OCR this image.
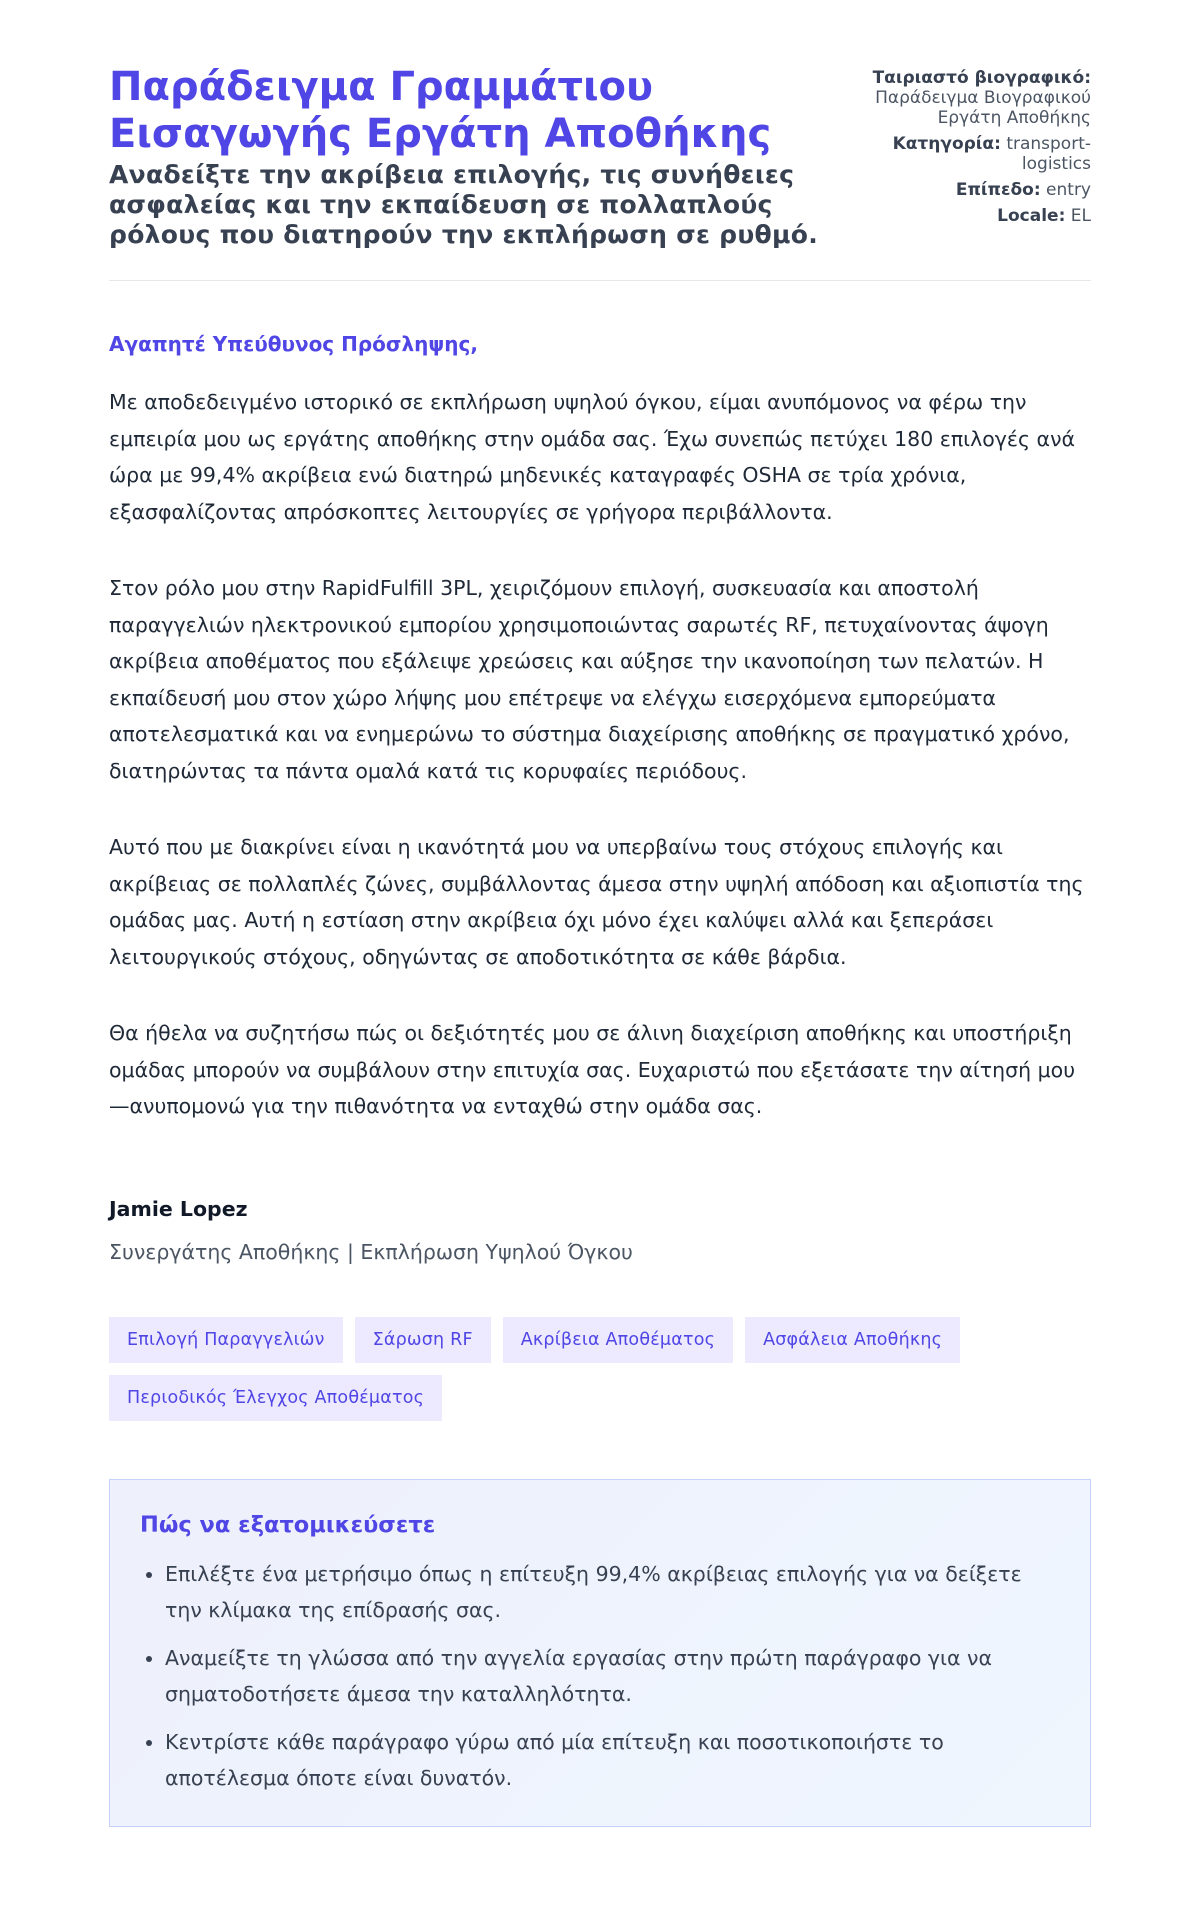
Παράδειγμα Γραμμάτιου Εισαγωγής Εργάτη Αποθήκης

Αναδείξτε την ακρίβεια επιλογής, τις συνήθειες ασφαλείας και την εκπαίδευση σε πολλαπλούς ρόλους που διατηρούν την εκπλήρωση σε ρυθμό.

Ταιριαστό βιογραφικό: Παράδειγμα Βιογραφικού Εργάτη Αποθήκης
Κατηγορία: transport-logistics
Επίπεδο: entry
Locale: EL

Αγαπητέ Υπεύθυνος Πρόσληψης,

Με αποδεδειγμένο ιστορικό σε εκπλήρωση υψηλού όγκου, είμαι ανυπόμονος να φέρω την εμπειρία μου ως εργάτης αποθήκης στην ομάδα σας. Έχω συνεπώς πετύχει 180 επιλογές ανά ώρα με 99,4% ακρίβεια ενώ διατηρώ μηδενικές καταγραφές OSHA σε τρία χρόνια, εξασφαλίζοντας απρόσκοπτες λειτουργίες σε γρήγορα περιβάλλοντα.

Στον ρόλο μου στην RapidFulfill 3PL, χειριζόμουν επιλογή, συσκευασία και αποστολή παραγγελιών ηλεκτρονικού εμπορίου χρησιμοποιώντας σαρωτές RF, πετυχαίνοντας άψογη ακρίβεια αποθέματος που εξάλειψε χρεώσεις και αύξησε την ικανοποίηση των πελατών. Η εκπαίδευσή μου στον χώρο λήψης μου επέτρεψε να ελέγχω εισερχόμενα εμπορεύματα αποτελεσματικά και να ενημερώνω το σύστημα διαχείρισης αποθήκης σε πραγματικό χρόνο, διατηρώντας τα πάντα ομαλά κατά τις κορυφαίες περιόδους.

Αυτό που με διακρίνει είναι η ικανότητά μου να υπερβαίνω τους στόχους επιλογής και ακρίβειας σε πολλαπλές ζώνες, συμβάλλοντας άμεσα στην υψηλή απόδοση και αξιοπιστία της ομάδας μας. Αυτή η εστίαση στην ακρίβεια όχι μόνο έχει καλύψει αλλά και ξεπεράσει λειτουργικούς στόχους, οδηγώντας σε αποδοτικότητα σε κάθε βάρδια.

Θα ήθελα να συζητήσω πώς οι δεξιότητές μου σε άλινη διαχείριση αποθήκης και υποστήριξη ομάδας μπορούν να συμβάλουν στην επιτυχία σας. Ευχαριστώ που εξετάσατε την αίτησή μου—ανυπομονώ για την πιθανότητα να ενταχθώ στην ομάδα σας.

Jamie Lopez

Συνεργάτης Αποθήκης | Εκπλήρωση Υψηλού Όγκου

Επιλογή Παραγγελιών	Σάρωση RF	Ακρίβεια Αποθέματος	Ασφάλεια Αποθήκης
Περιοδικός Έλεγχος Αποθέματος
Πώς να εξατομικεύσετε
• Επιλέξτε ένα μετρήσιμο όπως η επίτευξη 99,4% ακρίβειας επιλογής για να δείξετε την κλίμακα της επίδρασής σας.
• Αναμείξτε τη γλώσσα από την αγγελία εργασίας στην πρώτη παράγραφο για να σηματοδοτήσετε άμεσα την καταλληλότητα.
• Κεντρίστε κάθε παράγραφο γύρω από μία επίτευξη και ποσοτικοποιήστε το αποτέλεσμα όποτε είναι δυνατόν.
